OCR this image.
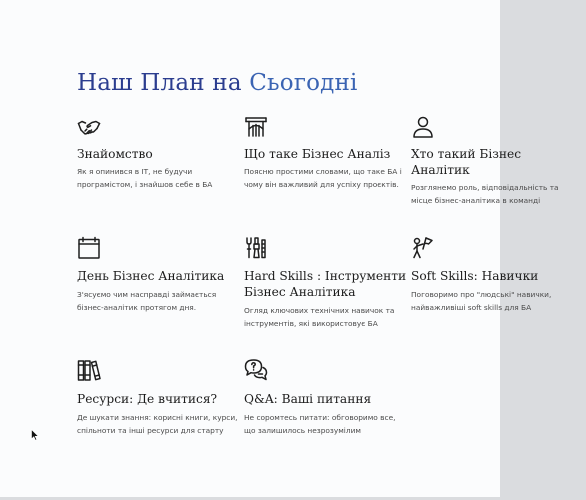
Наш План на Сьогодні
Знайомство

Як я опинився в IT, не будучи
програмістом, і знайшов себе в БА

Що таке Бізнес Аналіз

Поясню простими словами, що таке БА і
чому він важливий для успіху проєктів.

Хто такий Бізнес
Аналітик

Розглянемо роль, відповідальність та
місце бізнес-аналітика в команді

День Бізнес Аналітика

З'ясуємо чим насправді займається
бізнес-аналітик протягом дня.

Hard Skills : Інструменти
Бізнес Аналітика

Огляд ключових технічних навичок та
інструментів, які використовує БА

Soft Skills: Навички

Поговоримо про "людські" навички,
найважливіші soft skills для БА

Ресурси: Де вчитися?

Де шукати знання: корисні книги, курси,
спільноти та інші ресурси для старту

Q&A: Ваші питання

Не соромтесь питати: обговоримо все,
що залишилось незрозумілим
